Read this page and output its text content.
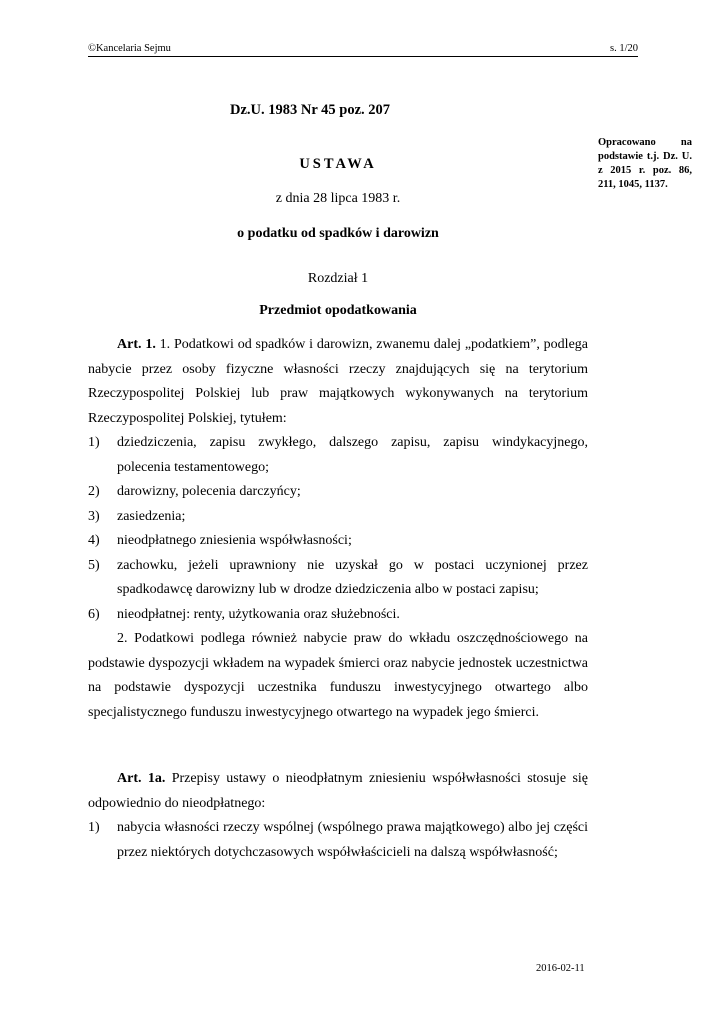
©Kancelaria Sejmu	s. 1/20
Opracowano na podstawie t.j. Dz. U. z 2015 r. poz. 86, 211, 1045, 1137.
Dz.U. 1983 Nr 45 poz. 207
USTAWA
z dnia 28 lipca 1983 r.
o podatku od spadków i darowizn
Rozdział 1
Przedmiot opodatkowania

Art. 1. 1. Podatkowi od spadków i darowizn, zwanemu dalej „podatkiem”, podlega nabycie przez osoby fizyczne własności rzeczy znajdujących się na terytorium Rzeczypospolitej Polskiej lub praw majątkowych wykonywanych na terytorium Rzeczypospolitej Polskiej, tytułem:

1) dziedziczenia, zapisu zwykłego, dalszego zapisu, zapisu windykacyjnego, polecenia testamentowego;

2) darowizny, polecenia darczyńcy;

3) zasiedzenia;

4) nieodpłatnego zniesienia współwłasności;

5) zachowku, jeżeli uprawniony nie uzyskał go w postaci uczynionej przez spadkodawcę darowizny lub w drodze dziedziczenia albo w postaci zapisu;

6) nieodpłatnej: renty, użytkowania oraz służebności.

2. Podatkowi podlega również nabycie praw do wkładu oszczędnościowego na podstawie dyspozycji wkładem na wypadek śmierci oraz nabycie jednostek uczestnictwa na podstawie dyspozycji uczestnika funduszu inwestycyjnego otwartego albo specjalistycznego funduszu inwestycyjnego otwartego na wypadek jego śmierci.

Art. 1a. Przepisy ustawy o nieodpłatnym zniesieniu współwłasności stosuje się odpowiednio do nieodpłatnego:

1) nabycia własności rzeczy wspólnej (wspólnego prawa majątkowego) albo jej części przez niektórych dotychczasowych współwłaścicieli na dalszą współwłasność;

2016-02-11
